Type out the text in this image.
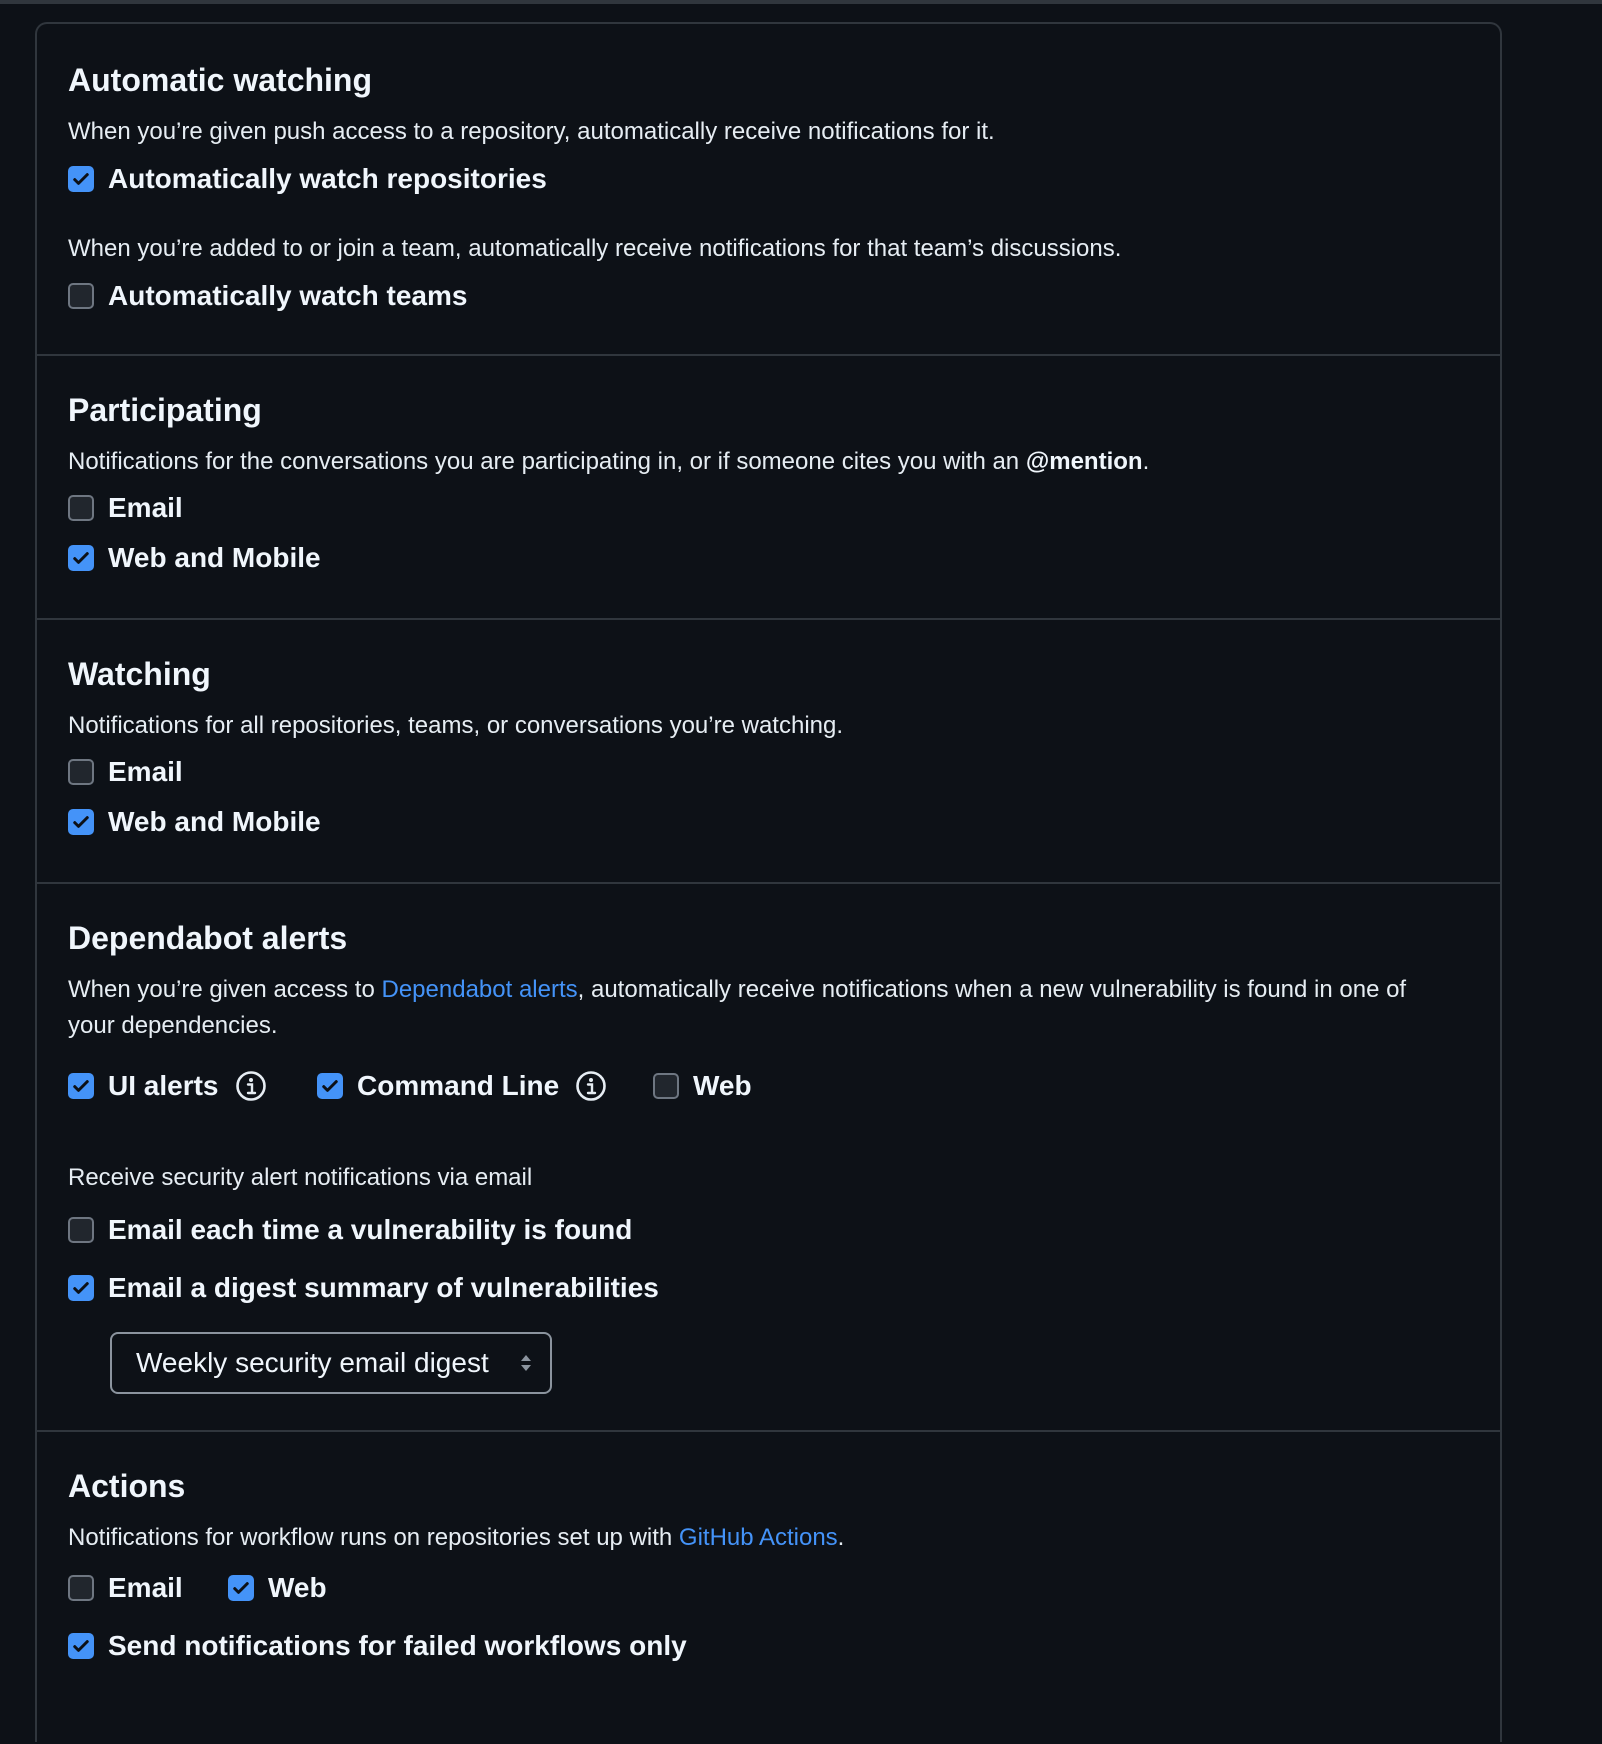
Automatic watching
When you’re given push access to a repository, automatically receive notifications for it.
Automatically watch repositories
When you’re added to or join a team, automatically receive notifications for that team’s discussions.
Automatically watch teams
Participating
Notifications for the conversations you are participating in, or if someone cites you with an @mention.
Email
Web and Mobile
Watching
Notifications for all repositories, teams, or conversations you’re watching.
Email
Web and Mobile
Dependabot alerts
When you’re given access to Dependabot alerts, automatically receive notifications when a new vulnerability is found in one of your dependencies.
UI alerts	Command Line	Web
Receive security alert notifications via email
Email each time a vulnerability is found
Email a digest summary of vulnerabilities
Weekly security email digest
Actions
Notifications for workflow runs on repositories set up with GitHub Actions.
Email	Web
Send notifications for failed workflows only
